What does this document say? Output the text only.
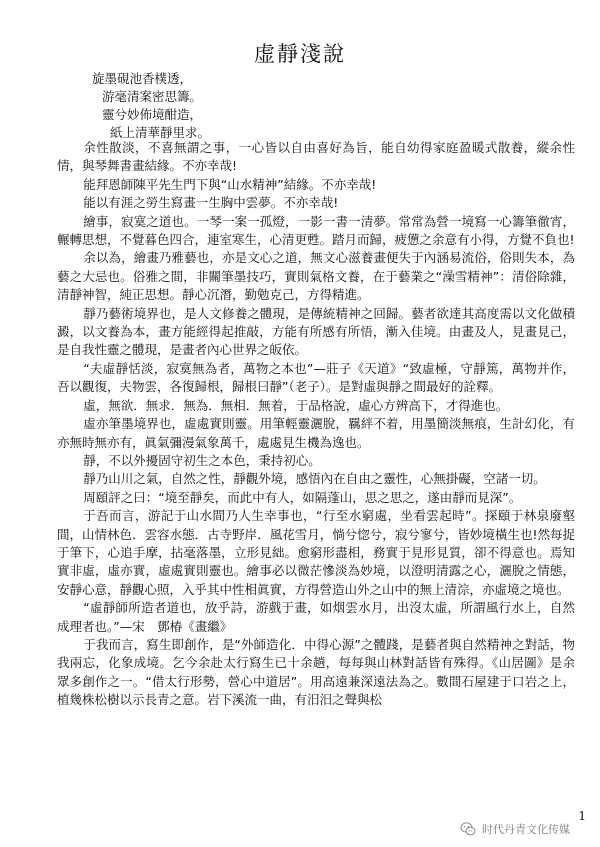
虚靜淺說
旋墨硯池香樸透，
游毫清案密思籌。
靈兮妙佈境酣造，
紙上清華靜里求。

余性散淡，不喜無謂之事，一心皆以自由喜好為旨，能自幼得家庭盈暖式散養，縱余性情，與琴舞書畫結緣。不亦幸哉!

能拜恩師陳平先生門下與“山水精神”結緣。不亦幸哉!

能以有涯之勞生寫畫一生胸中雲夢。不亦幸哉!

繪事，寂寞之道也。一琴一案一孤燈，一影一書一清夢。常常為營一境寫一心籌筆徹宵，輾轉思想，不覺暮色四合，連室寒生，心清更甦。踏月而歸，疲憊之余意有小得，方覺不負也!

余以為，繪畫乃雅藝也，亦是文心之道，無文心滋養畫便失于內涵易流俗，俗則失本，為藝之大忌也。俗雅之間，非關筆墨技巧，實則氣格文養，在于藝業之“澡雪精神”：清俗除雜，清靜神智，純正思想。靜心沉潛，勤勉克己，方得精進。

靜乃藝術境界也，是人文修養之體現，是傳統精神之回歸。藝者欲達其高度需以文化做積澱，以文養為本，畫方能經得起推敲，方能有所感有所悟，漸入佳境。由畫及人，見畫見己，是自我性靈之體現，是畫者內心世界之皈依。

“夫虛靜恬淡，寂寞無為者，萬物之本也”—莊子《天道》“致虛極，守靜篤，萬物并作，吾以觀復，夫物雲，各復歸根，歸根曰靜”（老子）。是對虛與靜之間最好的詮釋。

虛，無欲．無求．無為．無相．無着，于品格說，虛心方辨高下，才得進也。

虛亦筆墨境界也，虛處實則靈。用筆輕靈灑脫，羈絆不着，用墨簡淡無痕，生計幻化，有亦無時無亦有，眞氣彌漫氣象萬千，處處見生機為逸也。

靜，不以外擾固守初生之本色，秉持初心。

靜乃山川之氣，自然之性，靜觀外境，感悟內在自由之靈性，心無掛礙，空諸一切。

周頤評之曰：“境至靜矣，而此中有人，如隔蓬山，思之思之，遂由靜而見深”。

于吾而言，游記于山水間乃人生幸事也，“行至水窮處，坐看雲起時”。探頤于林泉廢壑間，山情林色．雲容水態．古寺野岸．風花雪月，惝兮惚兮，寂兮寥兮，皆妙境橫生也!然每捉于筆下，心追手摩，拈毫落墨，立形見絀。愈窮形盡相，務實于見形見質，卻不得意也。焉知實非虛，虛亦實，虛處實則靈也。繪事必以微茫慘淡為妙境，以澄明清露之心，灑脫之情態，安靜心意，靜觀心照，入乎其中性相眞實，方得營造山外之山中的無上清淙，亦虛境之境也。

“虛靜師所造者道也，放乎詩，游戲于畫，如烟雲水月，出沒太虛，所謂風行水上，自然成理者也。”—宋　鄧椿《畫繼》

于我而言，寫生即創作，是“外師造化．中得心源”之體踐，是藝者與自然精神之對話，物我兩忘，化象成境。乞今余赴太行寫生已十余趟，每每與山林對話皆有殊得。《山居圖》是余眾多創作之一。“借太行形勢，營心中道居”。用高遠兼深遠法為之。數間石屋建于口岩之上，植幾株松樹以示長青之意。岩下溪流一曲，有汨汨之聲與松

1
时代丹青文化传媒
